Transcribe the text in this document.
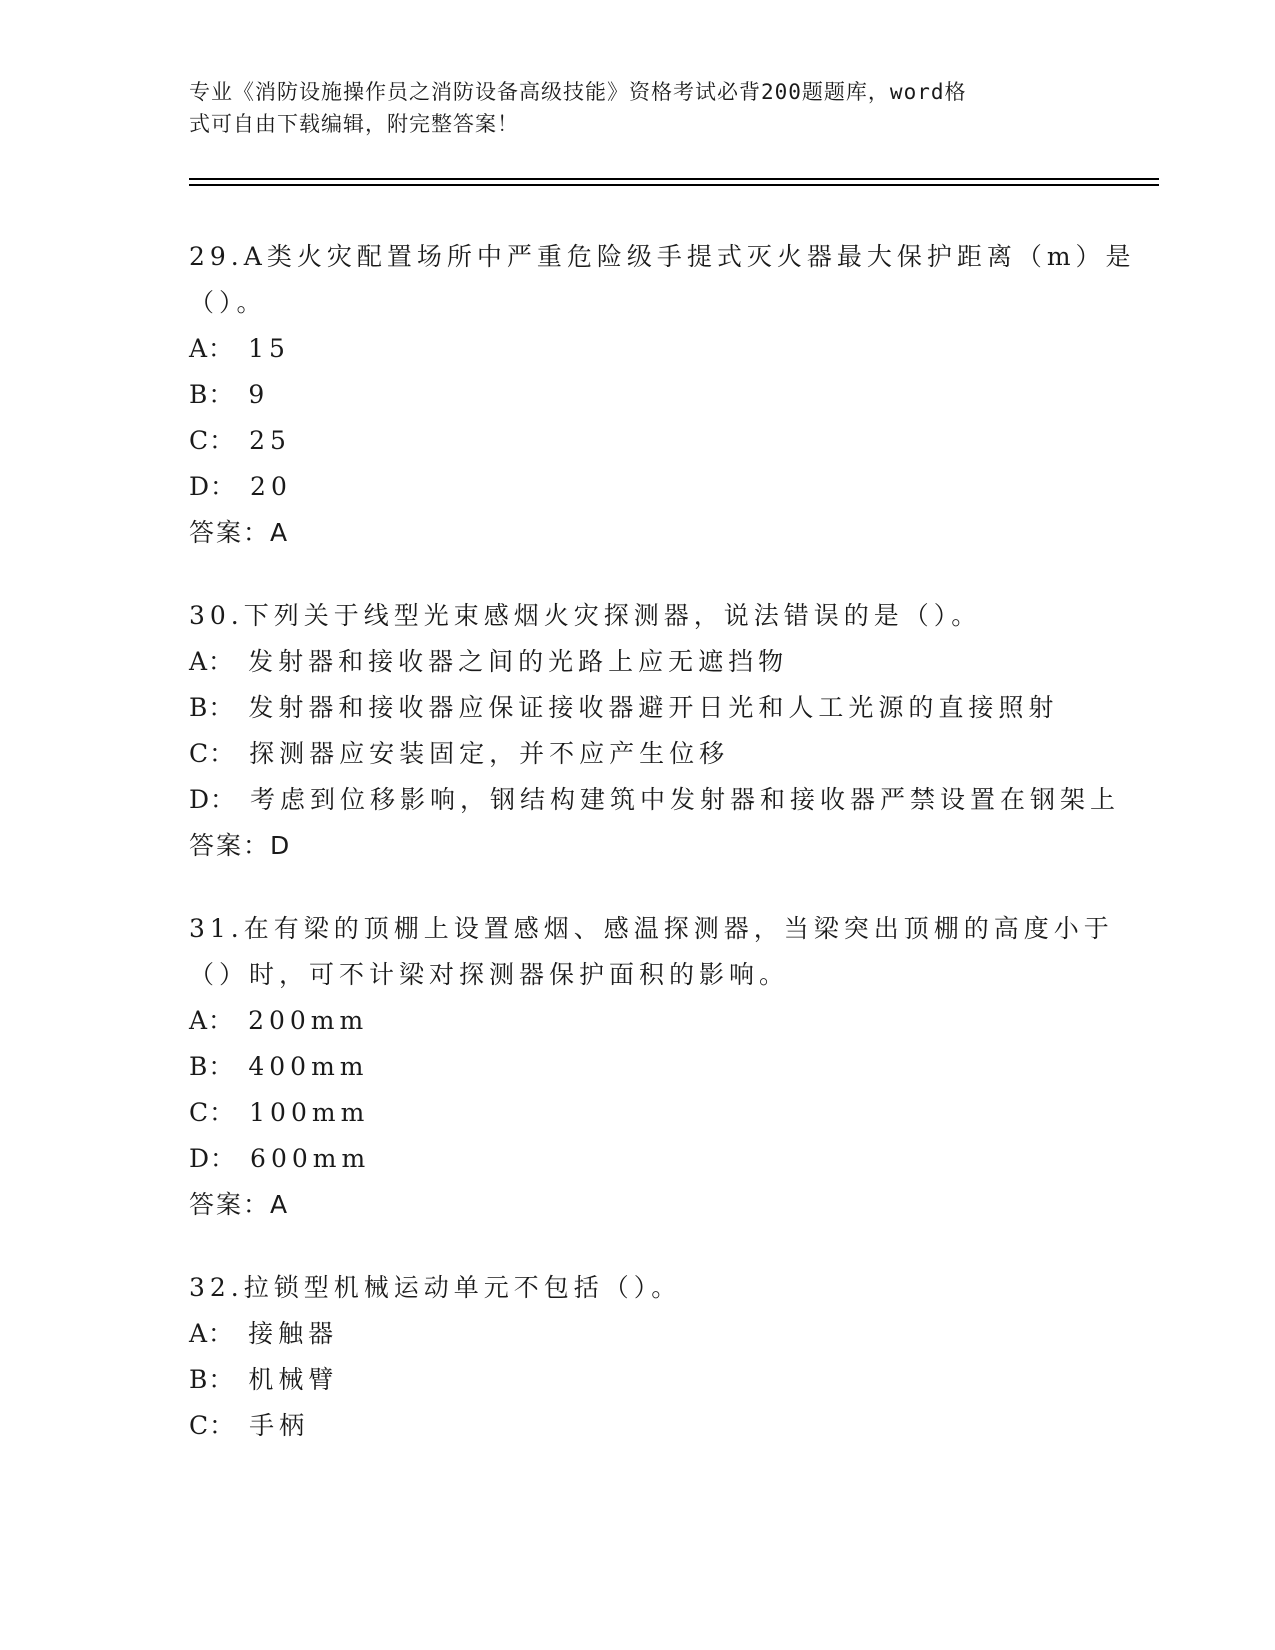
专业《消防设施操作员之消防设备高级技能》资格考试必背200题题库，word格
式可自由下载编辑，附完整答案！
29.A类火灾配置场所中严重危险级手提式灭火器最大保护距离（m）是
（）。
A： 15
B： 9
C： 25
D： 20
答案：A
30.下列关于线型光束感烟火灾探测器，说法错误的是（）。
A： 发射器和接收器之间的光路上应无遮挡物
B： 发射器和接收器应保证接收器避开日光和人工光源的直接照射
C： 探测器应安装固定，并不应产生位移
D： 考虑到位移影响，钢结构建筑中发射器和接收器严禁设置在钢架上
答案：D
31.在有梁的顶棚上设置感烟、感温探测器，当梁突出顶棚的高度小于
（）时，可不计梁对探测器保护面积的影响。
A： 200mm
B： 400mm
C： 100mm
D： 600mm
答案：A
32.拉锁型机械运动单元不包括（）。
A： 接触器
B： 机械臂
C： 手柄
